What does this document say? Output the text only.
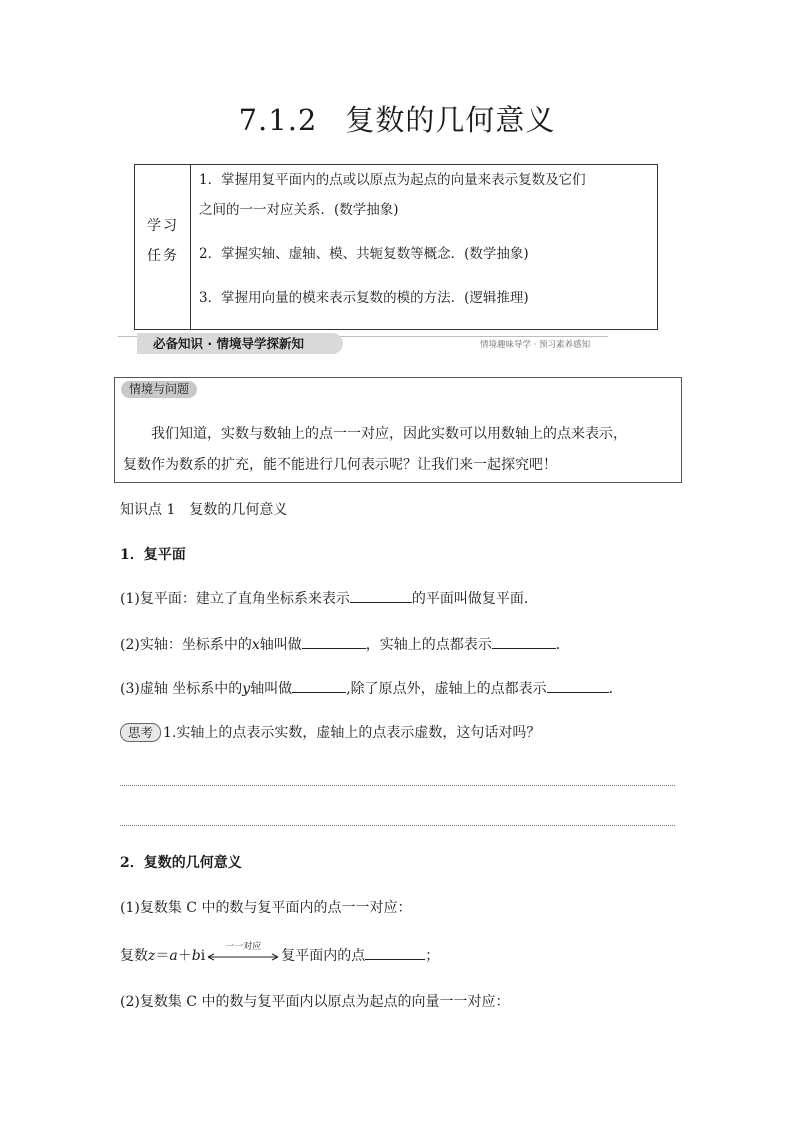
7.1.2 复数的几何意义
学习
任务
1．掌握用复平面内的点或以原点为起点的向量来表示复数及它们
之间的一一对应关系．(数学抽象)
2．掌握实轴、虚轴、模、共轭复数等概念．(数学抽象)
3．掌握用向量的模来表示复数的模的方法．(逻辑推理)
必备知识 · 情境导学探新知	情境趣味导学 · 预习素养感知
情境与问题
我们知道，实数与数轴上的点一一对应，因此实数可以用数轴上的点来表示，
复数作为数系的扩充，能不能进行几何表示呢？让我们来一起探究吧！
知识点 1　复数的几何意义
1．复平面
(1)复平面：建立了直角坐标系来表示	的平面叫做复平面．
(2)实轴：坐标系中的x轴叫做	，实轴上的点都表示	．
(3)虚轴 坐标系中的y轴叫做	,除了原点外，虚轴上的点都表示	．
思考 1.实轴上的点表示实数，虚轴上的点表示虚数，这句话对吗？
2．复数的几何意义
(1)复数集 C 中的数与复平面内的点一一对应：
复数z＝a＋bi
一一对应
复平面内的点	；
(2)复数集 C 中的数与复平面内以原点为起点的向量一一对应：
